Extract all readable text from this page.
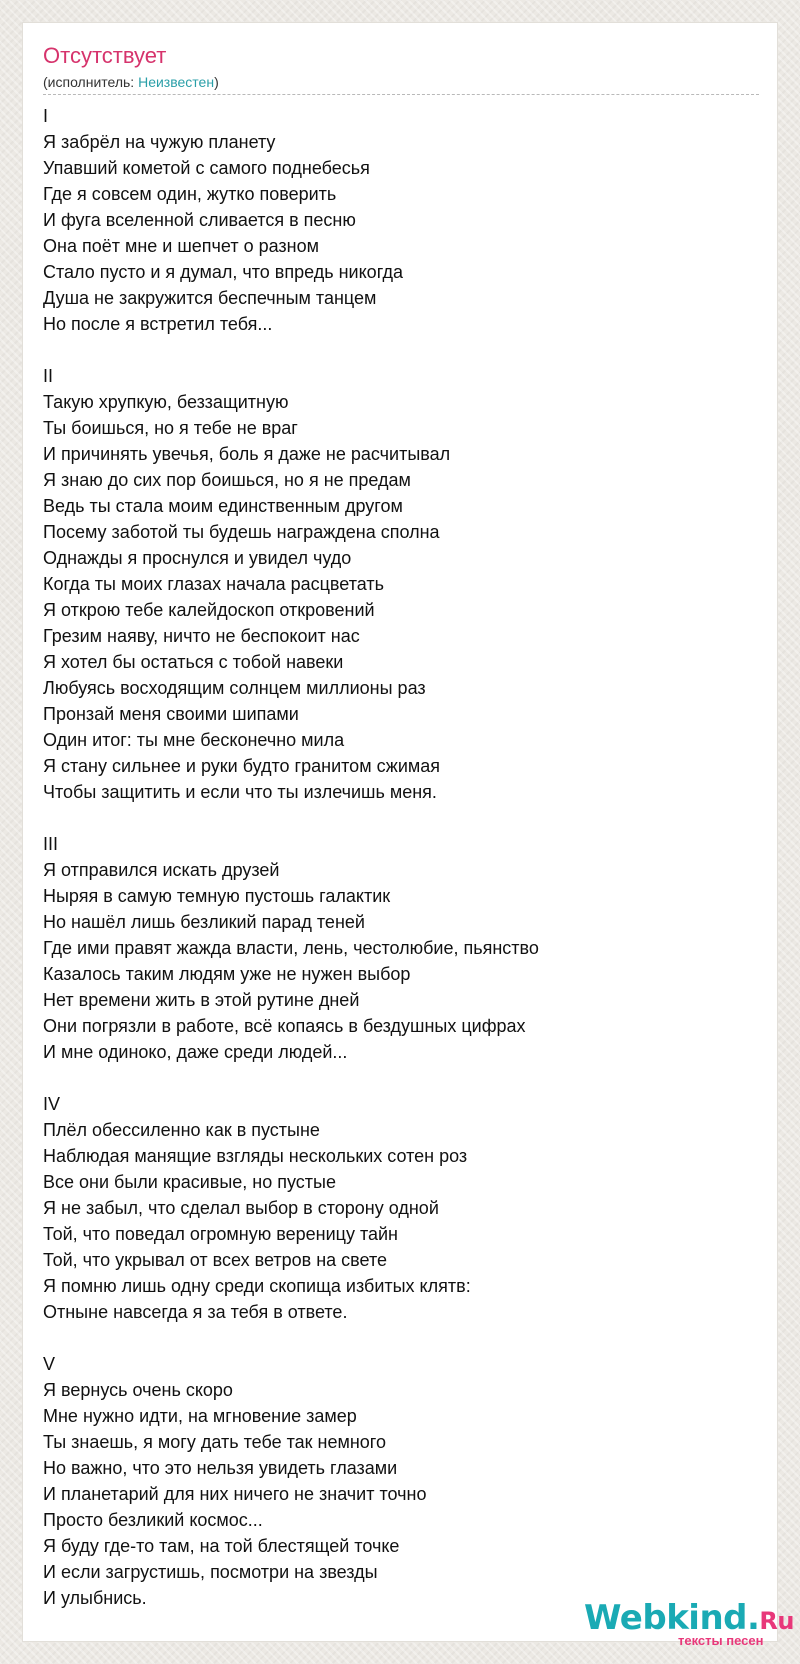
Отсутствует
(исполнитель: Неизвестен)
I
Я забрёл на чужую планету
Упавший кометой с самого поднебесья
Где я совсем один, жутко поверить
И фуга вселенной сливается в песню
Она поёт мне и шепчет о разном
Стало пусто и я думал, что впредь никогда
Душа не закружится беспечным танцем
Но после я встретил тебя...
II
Такую хрупкую, беззащитную
Ты боишься, но я тебе не враг
И причинять увечья, боль я даже не расчитывал
Я знаю до сих пор боишься, но я не предам
Ведь ты стала моим единственным другом
Посему заботой ты будешь награждена сполна
Однажды я проснулся и увидел чудо
Когда ты моих глазах начала расцветать
Я открою тебе калейдоскоп откровений
Грезим наяву, ничто не беспокоит нас
Я хотел бы остаться с тобой навеки
Любуясь восходящим солнцем миллионы раз
Пронзай меня своими шипами
Один итог: ты мне бесконечно мила
Я стану сильнее и руки будто гранитом сжимая
Чтобы защитить и если что ты излечишь меня.
III
Я отправился искать друзей
Ныряя в самую темную пустошь галактик
Но нашёл лишь безликий парад теней
Где ими правят жажда власти, лень, честолюбие, пьянство
Казалось таким людям уже не нужен выбор
Нет времени жить в этой рутине дней
Они погрязли в работе, всё копаясь в бездушных цифрах
И мне одиноко, даже среди людей...
IV
Плёл обессиленно как в пустыне
Наблюдая манящие взгляды нескольких сотен роз
Все они были красивые, но пустые
Я не забыл, что сделал выбор в сторону одной
Той, что поведал огромную вереницу тайн
Той, что укрывал от всех ветров на свете
Я помню лишь одну среди скопища избитых клятв:
Отныне навсегда я за тебя в ответе.
V
Я вернусь очень скоро
Мне нужно идти, на мгновение замер
Ты знаешь, я могу дать тебе так немного
Но важно, что это нельзя увидеть глазами
И планетарий для них ничего не значит точно
Просто безликий космос...
Я буду где-то там, на той блестящей точке
И если загрустишь, посмотри на звезды
И улыбнись.	Webkind.Ru
тексты песен
